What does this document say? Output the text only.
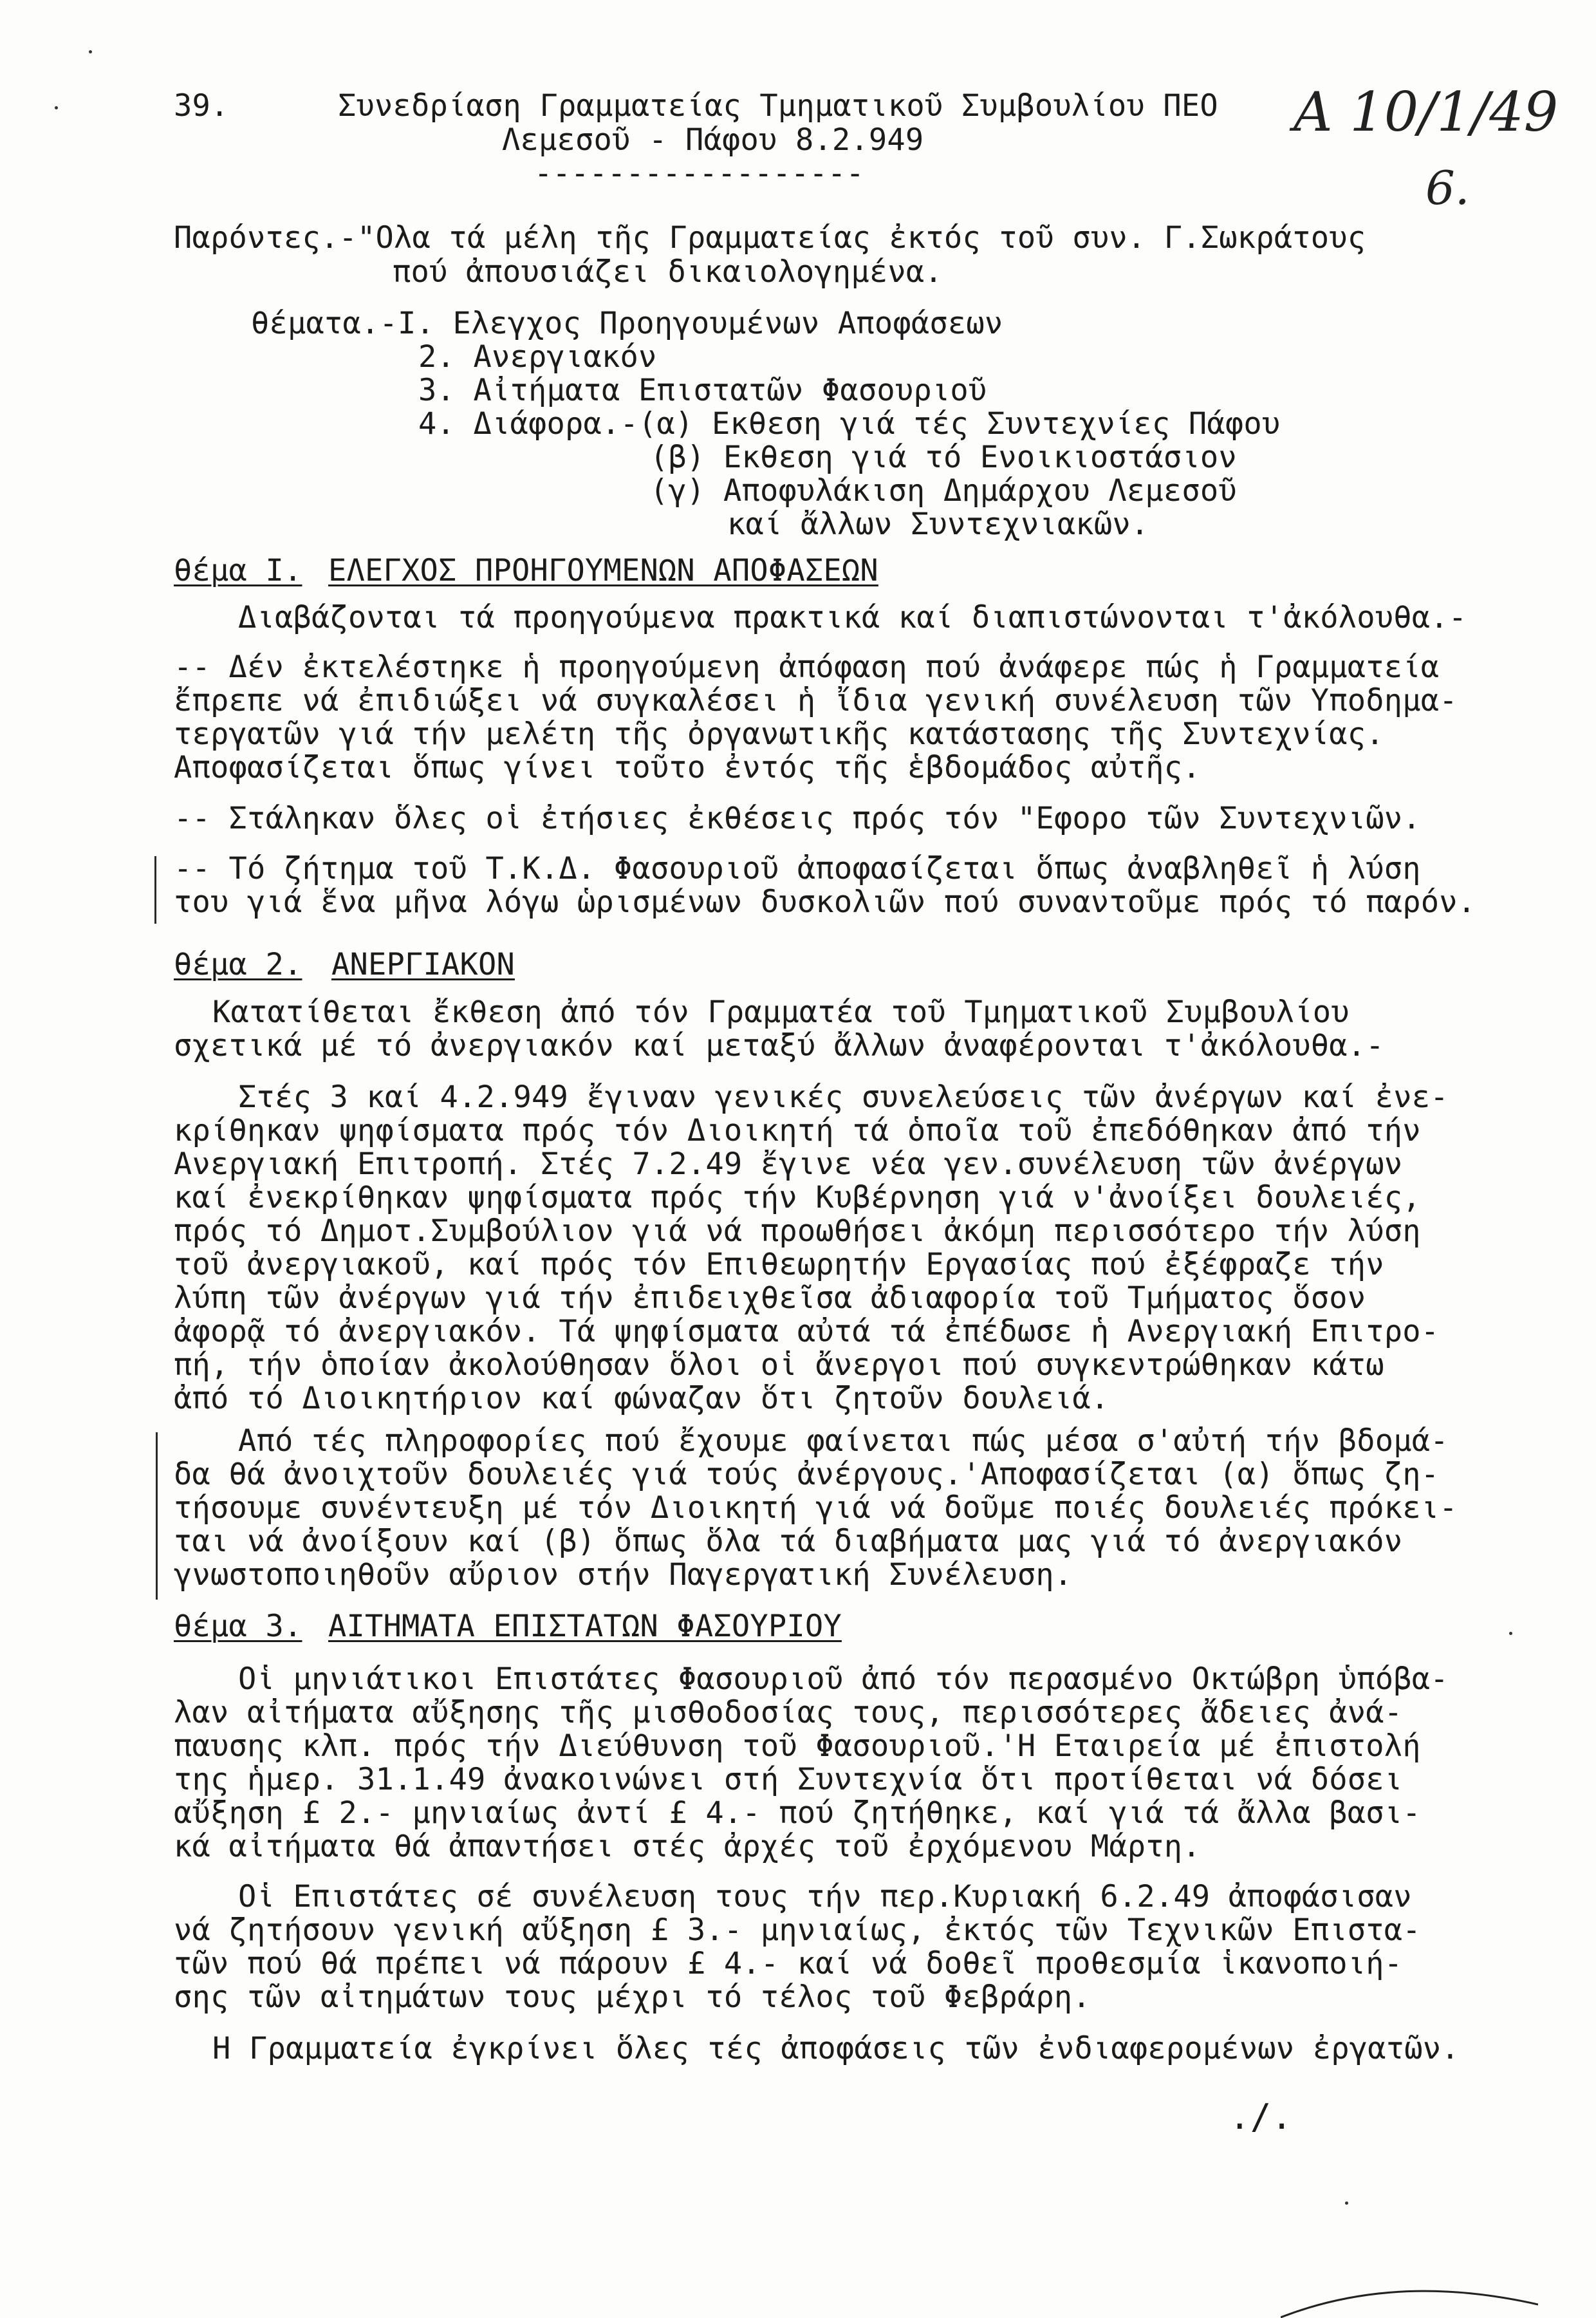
39.	Συνεδρίαση Γραμματείας Τμηματικοῦ Συμβουλίου ΠΕΟ
Λεμεσοῦ - Πάφου 8.2.949
------------------
Α 10/1/49
6.
Παρόντες.-"Ολα τά μέλη τῆς Γραμματείας ἐκτός τοῦ συν. Γ.Σωκράτους
πού ἀπουσιάζει δικαιολογημένα.
θέματα.-Ι. Ελεγχος Προηγουμένων Αποφάσεων
2. Ανεργιακόν
3. Αἰτήματα Επιστατῶν Φασουριοῦ
4. Διάφορα.-(α) Εκθεση γιά τές Συντεχνίες Πάφου
(β) Εκθεση γιά τό Ενοικιοστάσιον
(γ) Αποφυλάκιση Δημάρχου Λεμεσοῦ
καί ἄλλων Συντεχνιακῶν.
θέμα Ι. ΕΛΕΓΧΟΣ ΠΡΟΗΓΟΥΜΕΝΩΝ ΑΠΟΦΑΣΕΩΝ
Διαβάζονται τά προηγούμενα πρακτικά καί διαπιστώνονται τ'ἀκόλουθα.-
-- Δέν ἐκτελέστηκε ἡ προηγούμενη ἀπόφαση πού ἀνάφερε πώς ἡ Γραμματεία
ἔπρεπε νά ἐπιδιώξει νά συγκαλέσει ἡ ἴδια γενική συνέλευση τῶν Υποδημα-
τεργατῶν γιά τήν μελέτη τῆς ὀργανωτικῆς κατάστασης τῆς Συντεχνίας.
Αποφασίζεται ὅπως γίνει τοῦτο ἐντός τῆς ἑβδομάδος αὐτῆς.
-- Στάληκαν ὅλες οἱ ἐτήσιες ἐκθέσεις πρός τόν "Εφορο τῶν Συντεχνιῶν.
-- Τό ζήτημα τοῦ Τ.Κ.Δ. Φασουριοῦ ἀποφασίζεται ὅπως ἀναβληθεῖ ἡ λύση
του γιά ἕνα μῆνα λόγω ὡρισμένων δυσκολιῶν πού συναντοῦμε πρός τό παρόν.
θέμα 2. ΑΝΕΡΓΙΑΚΟΝ
Κατατίθεται ἔκθεση ἀπό τόν Γραμματέα τοῦ Τμηματικοῦ Συμβουλίου
σχετικά μέ τό ἀνεργιακόν καί μεταξύ ἄλλων ἀναφέρονται τ'ἀκόλουθα.-
Στές 3 καί 4.2.949 ἔγιναν γενικές συνελεύσεις τῶν ἀνέργων καί ἐνε-
κρίθηκαν ψηφίσματα πρός τόν Διοικητή τά ὁποῖα τοῦ ἐπεδόθηκαν ἀπό τήν
Ανεργιακή Επιτροπή. Στές 7.2.49 ἔγινε νέα γεν.συνέλευση τῶν ἀνέργων
καί ἐνεκρίθηκαν ψηφίσματα πρός τήν Κυβέρνηση γιά ν'ἀνοίξει δουλειές,
πρός τό Δημοτ.Συμβούλιον γιά νά προωθήσει ἀκόμη περισσότερο τήν λύση
τοῦ ἀνεργιακοῦ, καί πρός τόν Επιθεωρητήν Εργασίας πού ἐξέφραζε τήν
λύπη τῶν ἀνέργων γιά τήν ἐπιδειχθεῖσα ἀδιαφορία τοῦ Τμήματος ὅσον
ἀφορᾷ τό ἀνεργιακόν. Τά ψηφίσματα αὐτά τά ἐπέδωσε ἡ Ανεργιακή Επιτρο-
πή, τήν ὁποίαν ἀκολούθησαν ὅλοι οἱ ἄνεργοι πού συγκεντρώθηκαν κάτω
ἀπό τό Διοικητήριον καί φώναζαν ὅτι ζητοῦν δουλειά.
Από τές πληροφορίες πού ἔχουμε φαίνεται πώς μέσα σ'αὐτή τήν βδομά-
δα θά ἀνοιχτοῦν δουλειές γιά τούς ἀνέργους.'Αποφασίζεται (α) ὅπως ζη-
τήσουμε συνέντευξη μέ τόν Διοικητή γιά νά δοῦμε ποιές δουλειές πρόκει-
ται νά ἀνοίξουν καί (β) ὅπως ὅλα τά διαβήματα μας γιά τό ἀνεργιακόν
γνωστοποιηθοῦν αὔριον στήν Παγεργατική Συνέλευση.
θέμα 3. ΑΙΤΗΜΑΤΑ ΕΠΙΣΤΑΤΩΝ ΦΑΣΟΥΡΙΟΥ
Οἱ μηνιάτικοι Επιστάτες Φασουριοῦ ἀπό τόν περασμένο Οκτώβρη ὑπόβα-
λαν αἰτήματα αὔξησης τῆς μισθοδοσίας τους, περισσότερες ἄδειες ἀνά-
παυσης κλπ. πρός τήν Διεύθυνση τοῦ Φασουριοῦ.'Η Εταιρεία μέ ἐπιστολή
της ἡμερ. 31.1.49 ἀνακοινώνει στή Συντεχνία ὅτι προτίθεται νά δόσει
αὔξηση £ 2.- μηνιαίως ἀντί £ 4.- πού ζητήθηκε, καί γιά τά ἄλλα βασι-
κά αἰτήματα θά ἀπαντήσει στές ἀρχές τοῦ ἐρχόμενου Μάρτη.
Οἱ Επιστάτες σέ συνέλευση τους τήν περ.Κυριακή 6.2.49 ἀποφάσισαν
νά ζητήσουν γενική αὔξηση £ 3.- μηνιαίως, ἐκτός τῶν Τεχνικῶν Επιστα-
τῶν πού θά πρέπει νά πάρουν £ 4.- καί νά δοθεῖ προθεσμία ἱκανοποιή-
σης τῶν αἰτημάτων τους μέχρι τό τέλος τοῦ Φεβράρη.
Η Γραμματεία ἐγκρίνει ὅλες τές ἀποφάσεις τῶν ἐνδιαφερομένων ἐργατῶν.
./.
